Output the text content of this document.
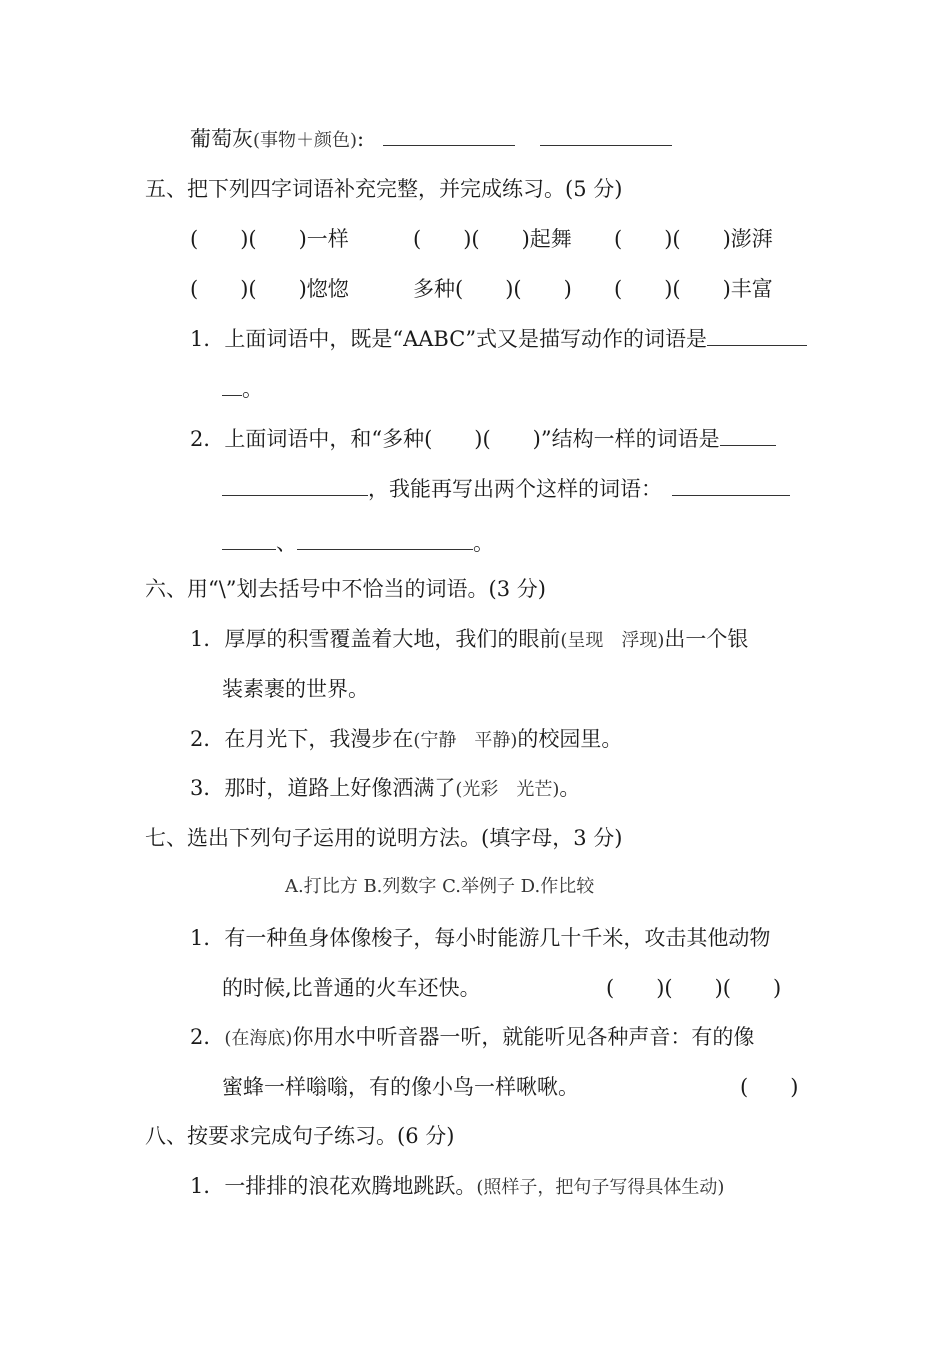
葡萄灰(事物＋颜色):
五、把下列四字词语补充完整，并完成练习。(5 分)
(　　)(　　)一样	(　　)(　　)起舞 (　　)(　　)澎湃
(　　)(　　)惚惚	多种(　　)(　　) (　　)(　　)丰富
1．上面词语中，既是“AABC”式又是描写动作的词语是
。
2．上面词语中，和“多种(　　)(　　)”结构一样的词语是
，我能再写出两个这样的词语：
、	。
六、用“\”划去括号中不恰当的词语。(3 分)
1．厚厚的积雪覆盖着大地，我们的眼前(呈现　浮现)出一个银
装素裹的世界。
2．在月光下，我漫步在(宁静　平静)的校园里。
3．那时，道路上好像洒满了(光彩　光芒)。
七、选出下列句子运用的说明方法。(填字母，3 分)
A.打比方 B.列数字 C.举例子 D.作比较
1．有一种鱼身体像梭子，每小时能游几十千米，攻击其他动物
的时候,比普通的火车还快。	(　　)(　　)(　　)
2．(在海底)你用水中听音器一听，就能听见各种声音：有的像
蜜蜂一样嗡嗡，有的像小鸟一样啾啾。	(　　)
八、按要求完成句子练习。(6 分)
1．一排排的浪花欢腾地跳跃。(照样子，把句子写得具体生动)
